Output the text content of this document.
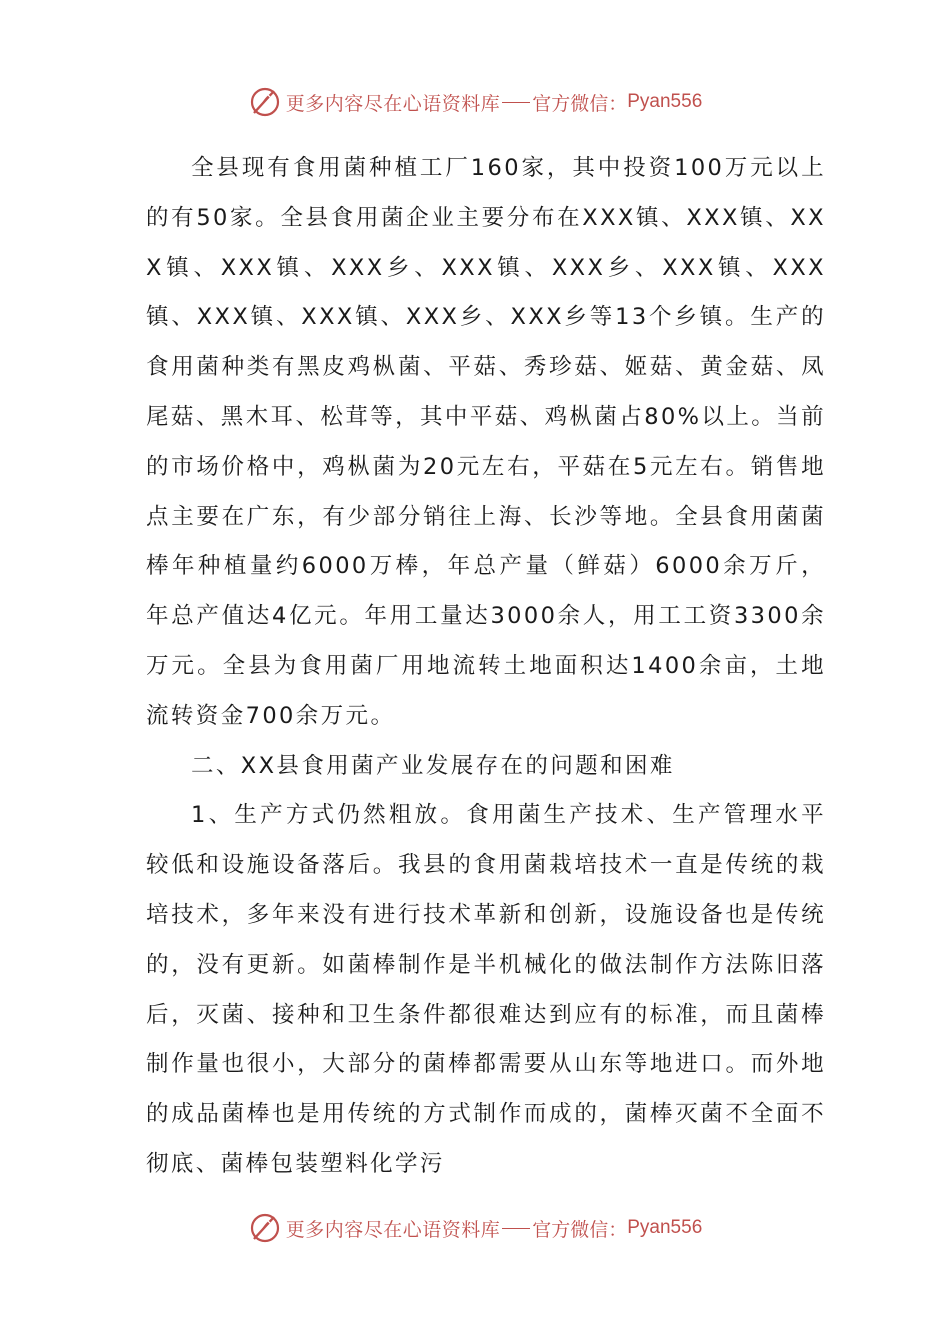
更多内容尽在心语资料库 官方微信： Pyan556

全县现有食用菌种植工厂160家，其中投资100万元以上的有50家。全县食用菌企业主要分布在XXX镇、XXX镇、XXX镇、XXX镇、XXX乡、XXX镇、XXX乡、XXX镇、XXX镇、XXX镇、XXX镇、XXX乡、XXX乡等13个乡镇。生产的食用菌种类有黑皮鸡枞菌、平菇、秀珍菇、姬菇、黄金菇、凤尾菇、黑木耳、松茸等，其中平菇、鸡枞菌占80%以上。当前的市场价格中，鸡枞菌为20元左右，平菇在5元左右。销售地点主要在广东，有少部分销往上海、长沙等地。全县食用菌菌棒年种植量约6000万棒，年总产量（鲜菇）6000余万斤，年总产值达4亿元。年用工量达3000余人，用工工资3300余万元。全县为食用菌厂用地流转土地面积达1400余亩，土地流转资金700余万元。

二、XX县食用菌产业发展存在的问题和困难

1、生产方式仍然粗放。食用菌生产技术、生产管理水平较低和设施设备落后。我县的食用菌栽培技术一直是传统的栽培技术，多年来没有进行技术革新和创新，设施设备也是传统的，没有更新。如菌棒制作是半机械化的做法制作方法陈旧落后，灭菌、接种和卫生条件都很难达到应有的标准，而且菌棒制作量也很小，大部分的菌棒都需要从山东等地进口。而外地的成品菌棒也是用传统的方式制作而成的，菌棒灭菌不全面不彻底、菌棒包装塑料化学污

更多内容尽在心语资料库 官方微信： Pyan556
